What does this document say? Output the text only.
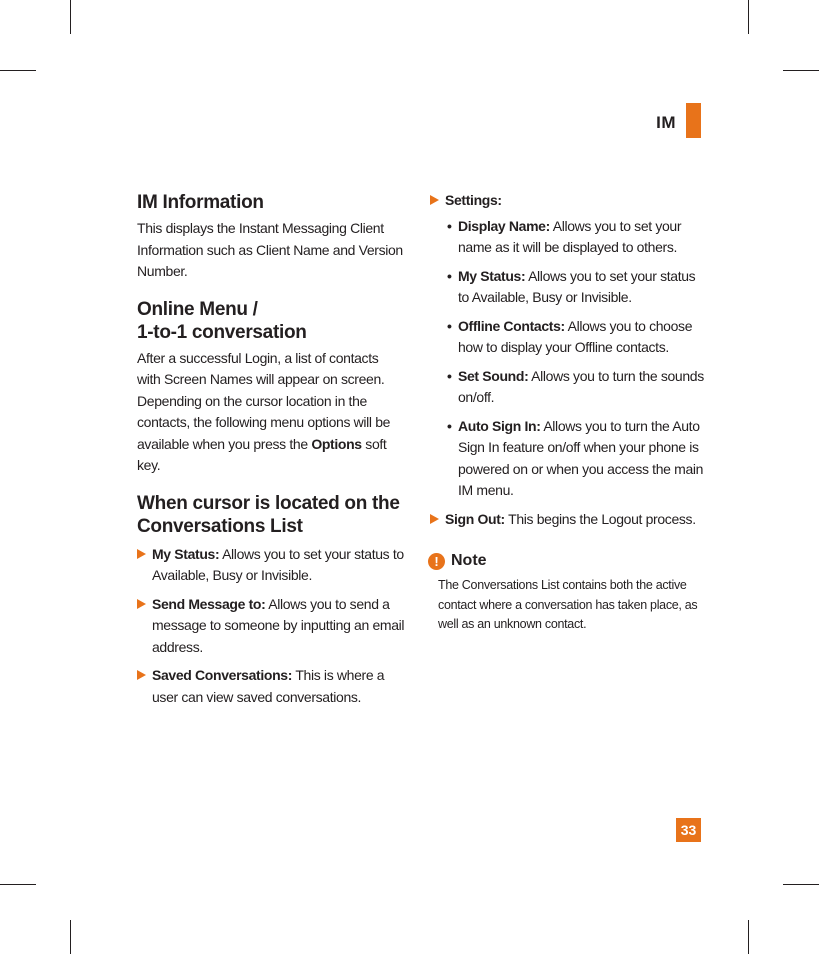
IM
IM Information

This displays the Instant Messaging Client Information such as Client Name and Version Number.

Online Menu /
1-to-1 conversation

After a successful Login, a list of contacts with Screen Names will appear on screen. Depending on the cursor location in the contacts, the following menu options will be available when you press the Options soft key.

When cursor is located on the
Conversations List
My Status: Allows you to set your status to Available, Busy or Invisible.
Send Message to: Allows you to send a message to someone by inputting an email address.
Saved Conversations: This is where a user can view saved conversations.
Settings:
• Display Name: Allows you to set your name as it will be displayed to others.
• My Status: Allows you to set your status to Available, Busy or Invisible.
• Offline Contacts: Allows you to choose how to display your Offline contacts.
• Set Sound: Allows you to turn the sounds on/off.
• Auto Sign In: Allows you to turn the Auto Sign In feature on/off when your phone is powered on or when you access the main IM menu.
Sign Out: This begins the Logout process.
! Note
The Conversations List contains both the active contact where a conversation has taken place, as well as an unknown contact.
33
